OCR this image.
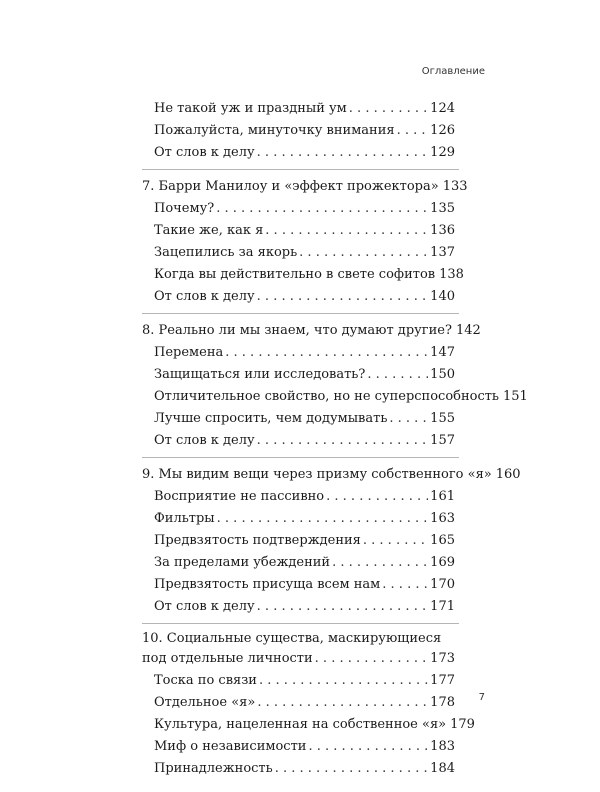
Оглавление
Не такой уж и праздный ум . . .	124
Пожалуйста, минуточку внимания . . .	126
От слов к делу . . .	129
7. Барри Манилоу и «эффект прожектора» 133
Почему? . . .	135
Такие же, как я . . .	136
Зацепились за якорь . . .	137
Когда вы действительно в свете софитов 138
От слов к делу . . .	140
8. Реально ли мы знаем, что думают другие? 142
Перемена . . .	147
Защищаться или исследовать? . . .	150
Отличительное свойство, но не суперспособность 151
Лучше спросить, чем додумывать . . .	155
От слов к делу . . .	157
9. Мы видим вещи через призму собственного «я» 160
Восприятие не пассивно . . .	161
Фильтры . . .	163
Предвзятость подтверждения . . .	165
За пределами убеждений . . .	169
Предвзятость присуща всем нам . . .	170
От слов к делу . . .	171
10. Социальные существа, маскирующиеся
под отдельные личности . . .	173
Тоска по связи . . .	177
Отдельное «я» . . .	178
Культура, нацеленная на собственное «я» 179
Миф о независимости . . .	183
Принадлежность . . .	184
7
